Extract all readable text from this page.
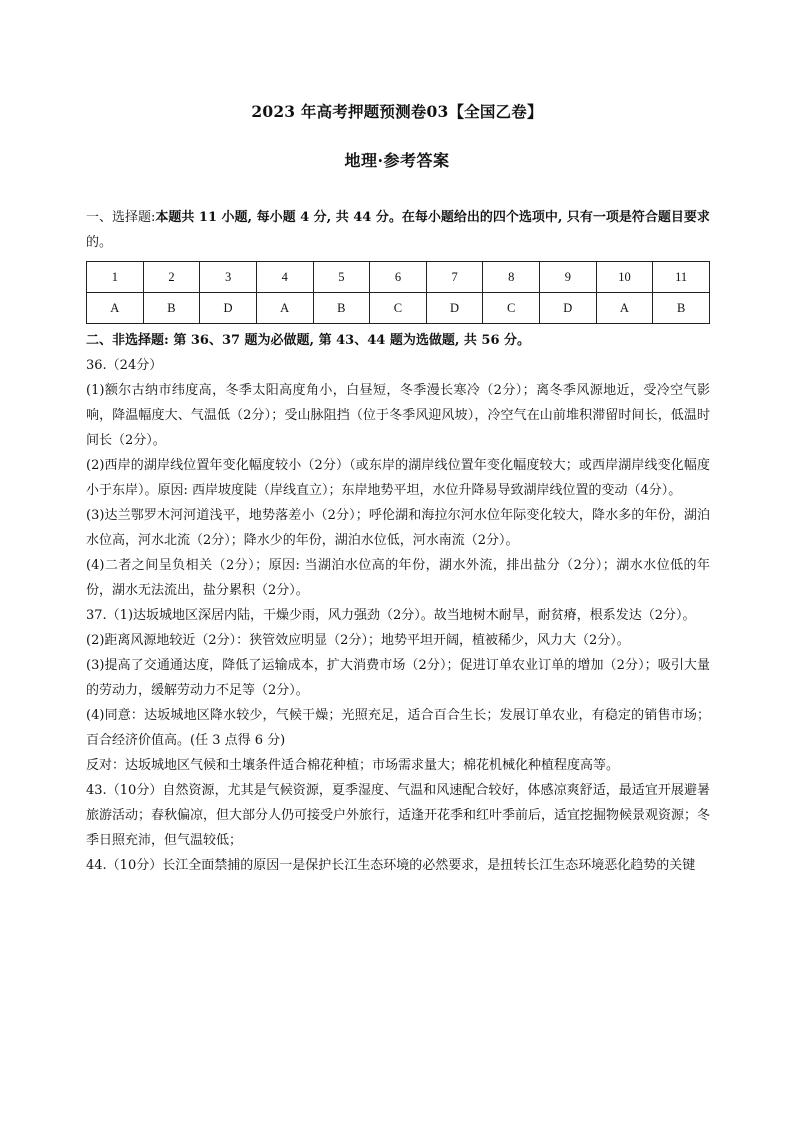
2023 年高考押题预测卷03【全国乙卷】
地理·参考答案

一、选择题:本题共 11 小题, 每小题 4 分, 共 44 分。在每小题给出的四个选项中, 只有一项是符合题目要求

的。

1	2	3	4	5	6	7	8	9	10	11
A	B	D	A	B	C	D	C	D	A	B

二、非选择题: 第 36、37 题为必做题, 第 43、44 题为选做题, 共 56 分。

36.（24分）

(1)额尔古纳市纬度高，冬季太阳高度角小，白昼短，冬季漫长寒冷（2分）；离冬季风源地近，受冷空气影响，降温幅度大、气温低（2分）；受山脉阻挡（位于冬季风迎风坡），冷空气在山前堆积滞留时间长，低温时间长（2分）。

(2)西岸的湖岸线位置年变化幅度较小（2分）（或东岸的湖岸线位置年变化幅度较大；或西岸湖岸线变化幅度小于东岸）。原因: 西岸坡度陡（岸线直立）；东岸地势平坦，水位升降易导致湖岸线位置的变动（4分）。

(3)达兰鄂罗木河河道浅平，地势落差小（2分）；呼伦湖和海拉尔河水位年际变化较大，降水多的年份，湖泊水位高，河水北流（2分）；降水少的年份，湖泊水位低，河水南流（2分）。

(4)二者之间呈负相关（2分）；原因: 当湖泊水位高的年份，湖水外流，排出盐分（2分）；湖水水位低的年份，湖水无法流出，盐分累积（2分）。

37.（1)达坂城地区深居内陆，干燥少雨，风力强劲（2分）。故当地树木耐旱，耐贫瘠，根系发达（2分）。

(2)距离风源地较近（2分）：狭管效应明显（2分）；地势平坦开阔，植被稀少，风力大（2分）。

(3)提高了交通通达度，降低了运输成本，扩大消费市场（2分）；促进订单农业订单的增加（2分）；吸引大量的劳动力，缓解劳动力不足等（2分）。

(4)同意：达坂城地区降水较少，气候干燥；光照充足，适合百合生长；发展订单农业，有稳定的销售市场；百合经济价值高。(任 3 点得 6 分)

反对：达坂城地区气候和土壤条件适合棉花种植；市场需求量大；棉花机械化种植程度高等。

43.（10分）自然资源，尤其是气候资源，夏季湿度、气温和风速配合较好，体感凉爽舒适，最适宜开展避暑旅游活动；春秋偏凉，但大部分人仍可接受户外旅行，适逢开花季和红叶季前后，适宜挖掘物候景观资源；冬季日照充沛，但气温较低；

44.（10分）长江全面禁捕的原因一是保护长江生态环境的必然要求，是扭转长江生态环境恶化趋势的关键
